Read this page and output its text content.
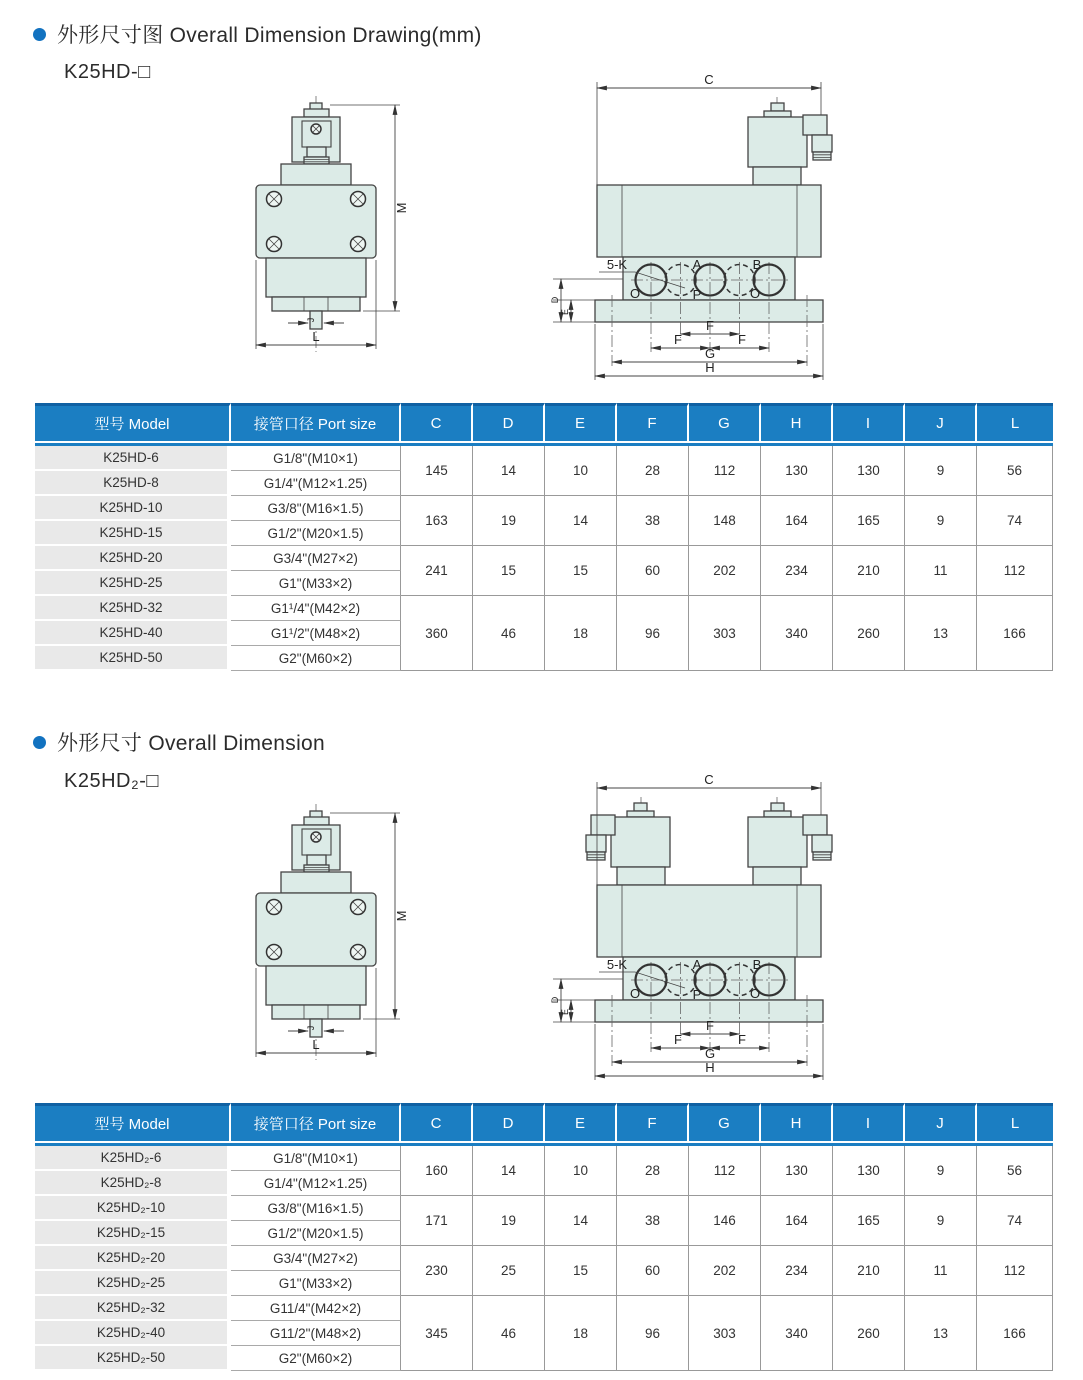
外形尺寸图 Overall Dimension Drawing(mm)
K25HD-□
型号 Model	接管口径 Port size	C	D	E	F	G	H	I	J	L

K25HD-6	G1/8"(M10×1)	145	14	10	28	112	130	130	9	56
K25HD-8	G1/4"(M12×1.25)									
K25HD-10	G3/8"(M16×1.5)	163	19	14	38	148	164	165	9	74
K25HD-15	G1/2"(M20×1.5)									
K25HD-20	G3/4"(M27×2)	241	15	15	60	202	234	210	11	112
K25HD-25	G1"(M33×2)									
K25HD-32	G1¹/4"(M42×2)	360	46	18	96	303	340	260	13	166
K25HD-40	G1¹/2"(M48×2)									
K25HD-50	G2"(M60×2)									
外形尺寸 Overall Dimension
K25HD₂-□
型号 Model	接管口径 Port size	C	D	E	F	G	H	I	J	L

K25HD₂-6	G1/8"(M10×1)	160	14	10	28	112	130	130	9	56
K25HD₂-8	G1/4"(M12×1.25)									
K25HD₂-10	G3/8"(M16×1.5)	171	19	14	38	146	164	165	9	74
K25HD₂-15	G1/2"(M20×1.5)									
K25HD₂-20	G3/4"(M27×2)	230	25	15	60	202	234	210	11	112
K25HD₂-25	G1"(M33×2)									
K25HD₂-32	G11/4"(M42×2)	345	46	18	96	303	340	260	13	166
K25HD₂-40	G11/2"(M48×2)									
K25HD₂-50	G2"(M60×2)									
